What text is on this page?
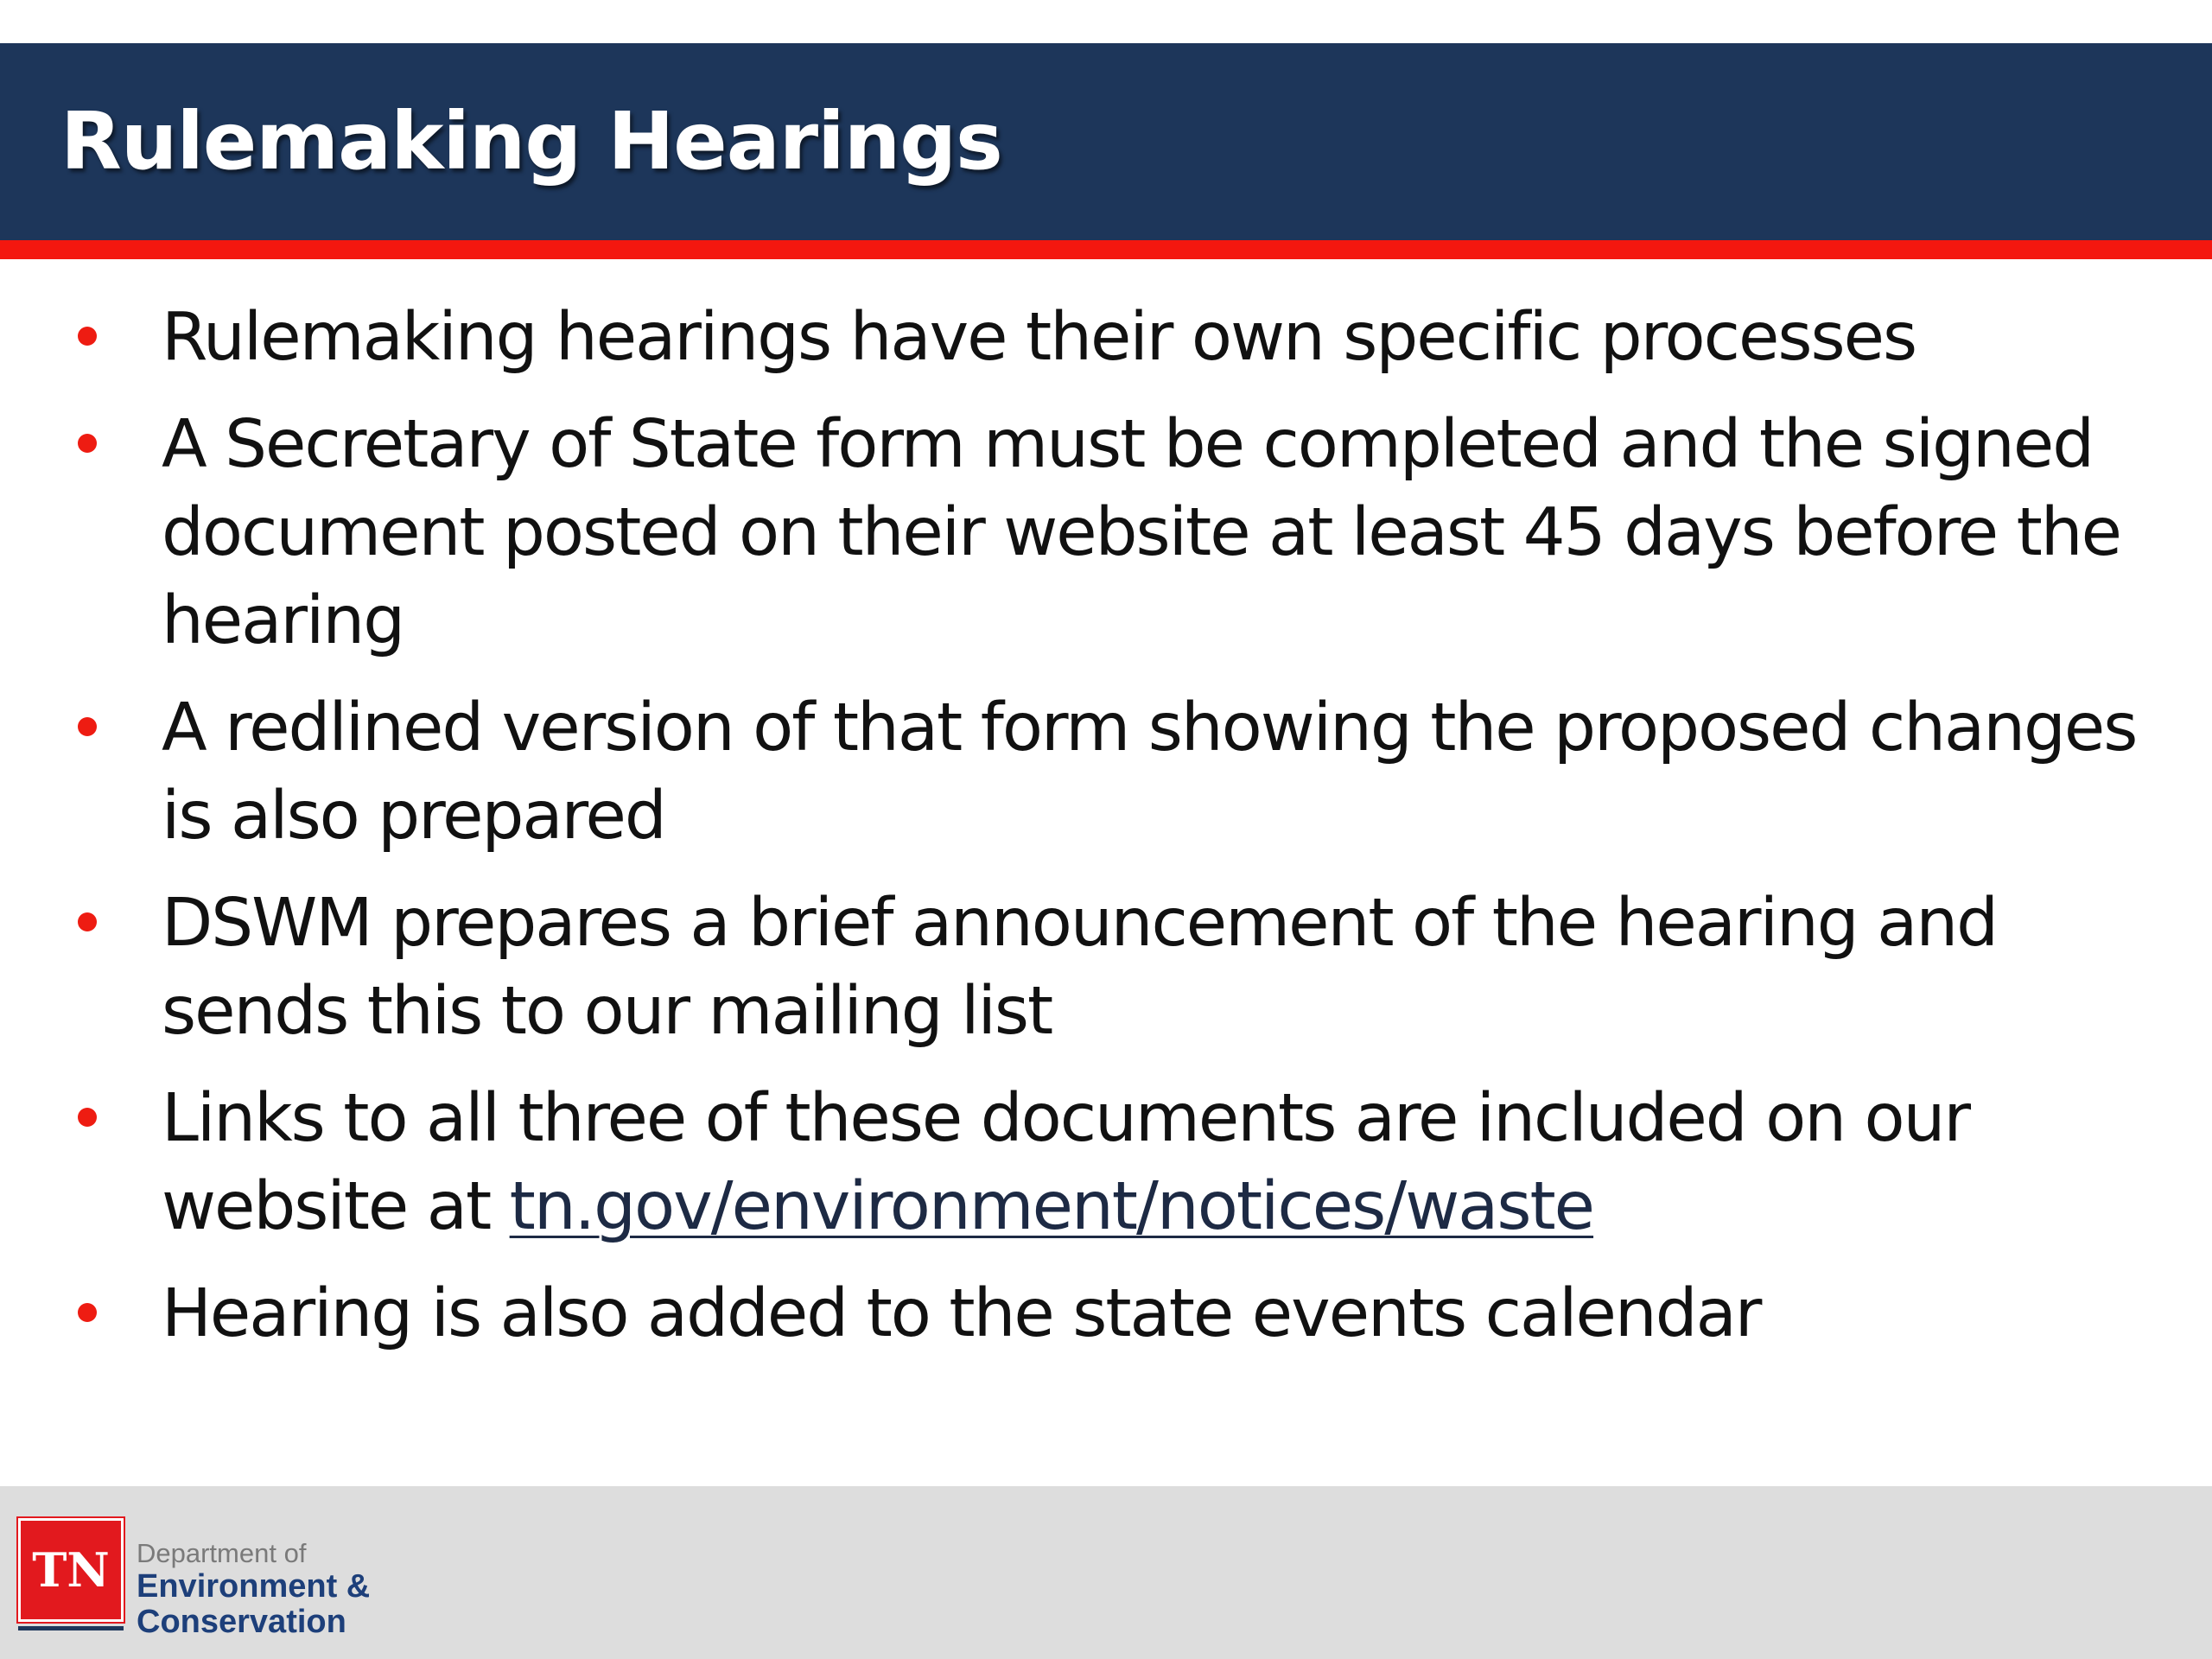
Rulemaking Hearings
Rulemaking hearings have their own specific processes
A Secretary of State form must be completed and the signed document posted on their website at least 45 days before the hearing
A redlined version of that form showing the proposed changes is also prepared
DSWM prepares a brief announcement of the hearing and sends this to our mailing list
Links to all three of these documents are included on our website at tn.gov/environment/notices/waste
Hearing is also added to the state events calendar
TN	Department of
Environment &
Conservation
